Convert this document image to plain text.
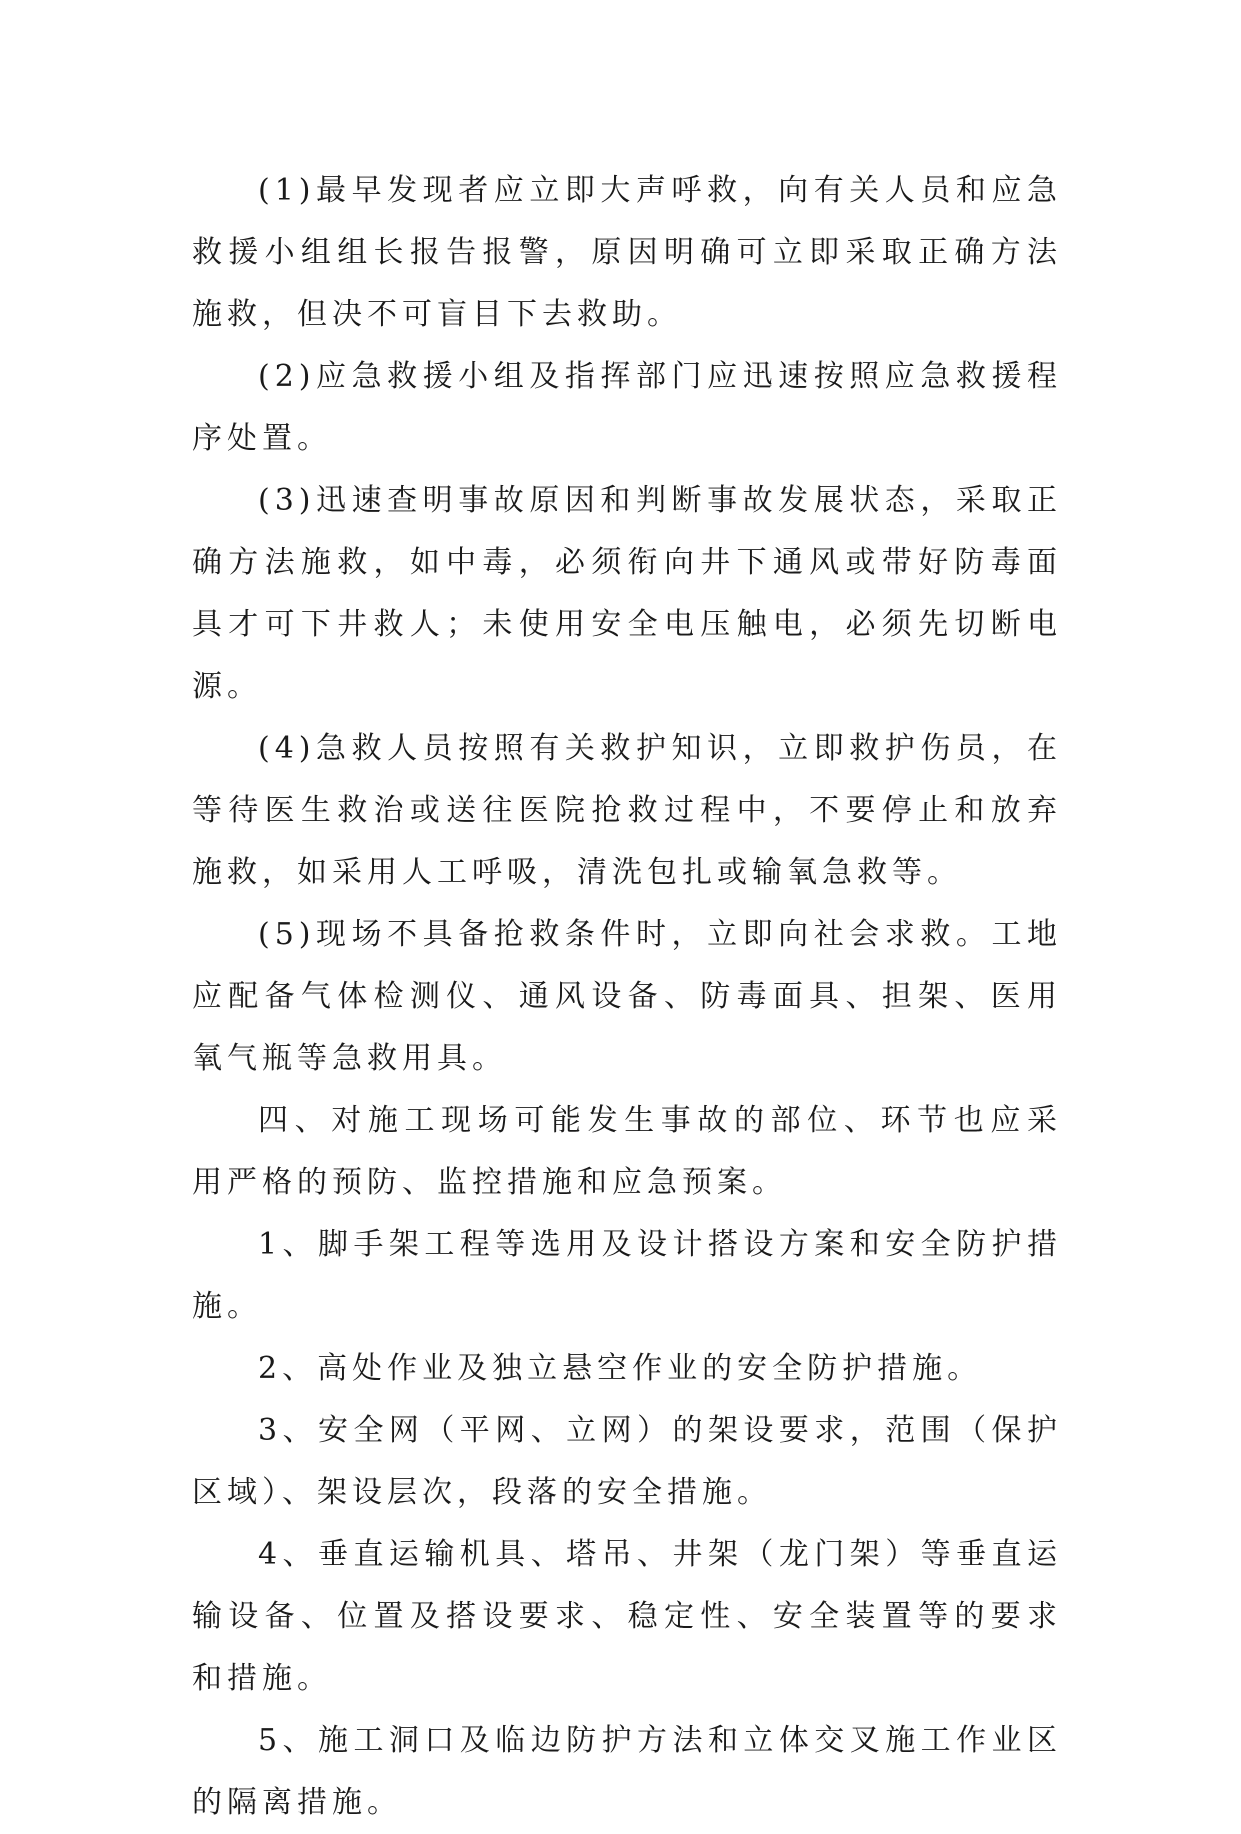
(1)最早发现者应立即大声呼救，向有关人员和应急救援小组组长报告报警，原因明确可立即采取正确方法施救，但决不可盲目下去救助。

(2)应急救援小组及指挥部门应迅速按照应急救援程序处置。

(3)迅速查明事故原因和判断事故发展状态，采取正确方法施救，如中毒，必须衔向井下通风或带好防毒面具才可下井救人；未使用安全电压触电，必须先切断电源。

(4)急救人员按照有关救护知识，立即救护伤员，在等待医生救治或送往医院抢救过程中，不要停止和放弃施救，如采用人工呼吸，清洗包扎或输氧急救等。

(5)现场不具备抢救条件时，立即向社会求救。工地应配备气体检测仪、通风设备、防毒面具、担架、医用氧气瓶等急救用具。

四、对施工现场可能发生事故的部位、环节也应采用严格的预防、监控措施和应急预案。

1、脚手架工程等选用及设计搭设方案和安全防护措施。

2、高处作业及独立悬空作业的安全防护措施。

3、安全网（平网、立网）的架设要求，范围（保护区域）、架设层次，段落的安全措施。

4、垂直运输机具、塔吊、井架（龙门架）等垂直运输设备、位置及搭设要求、稳定性、安全装置等的要求和措施。

5、施工洞口及临边防护方法和立体交叉施工作业区的隔离措施。
